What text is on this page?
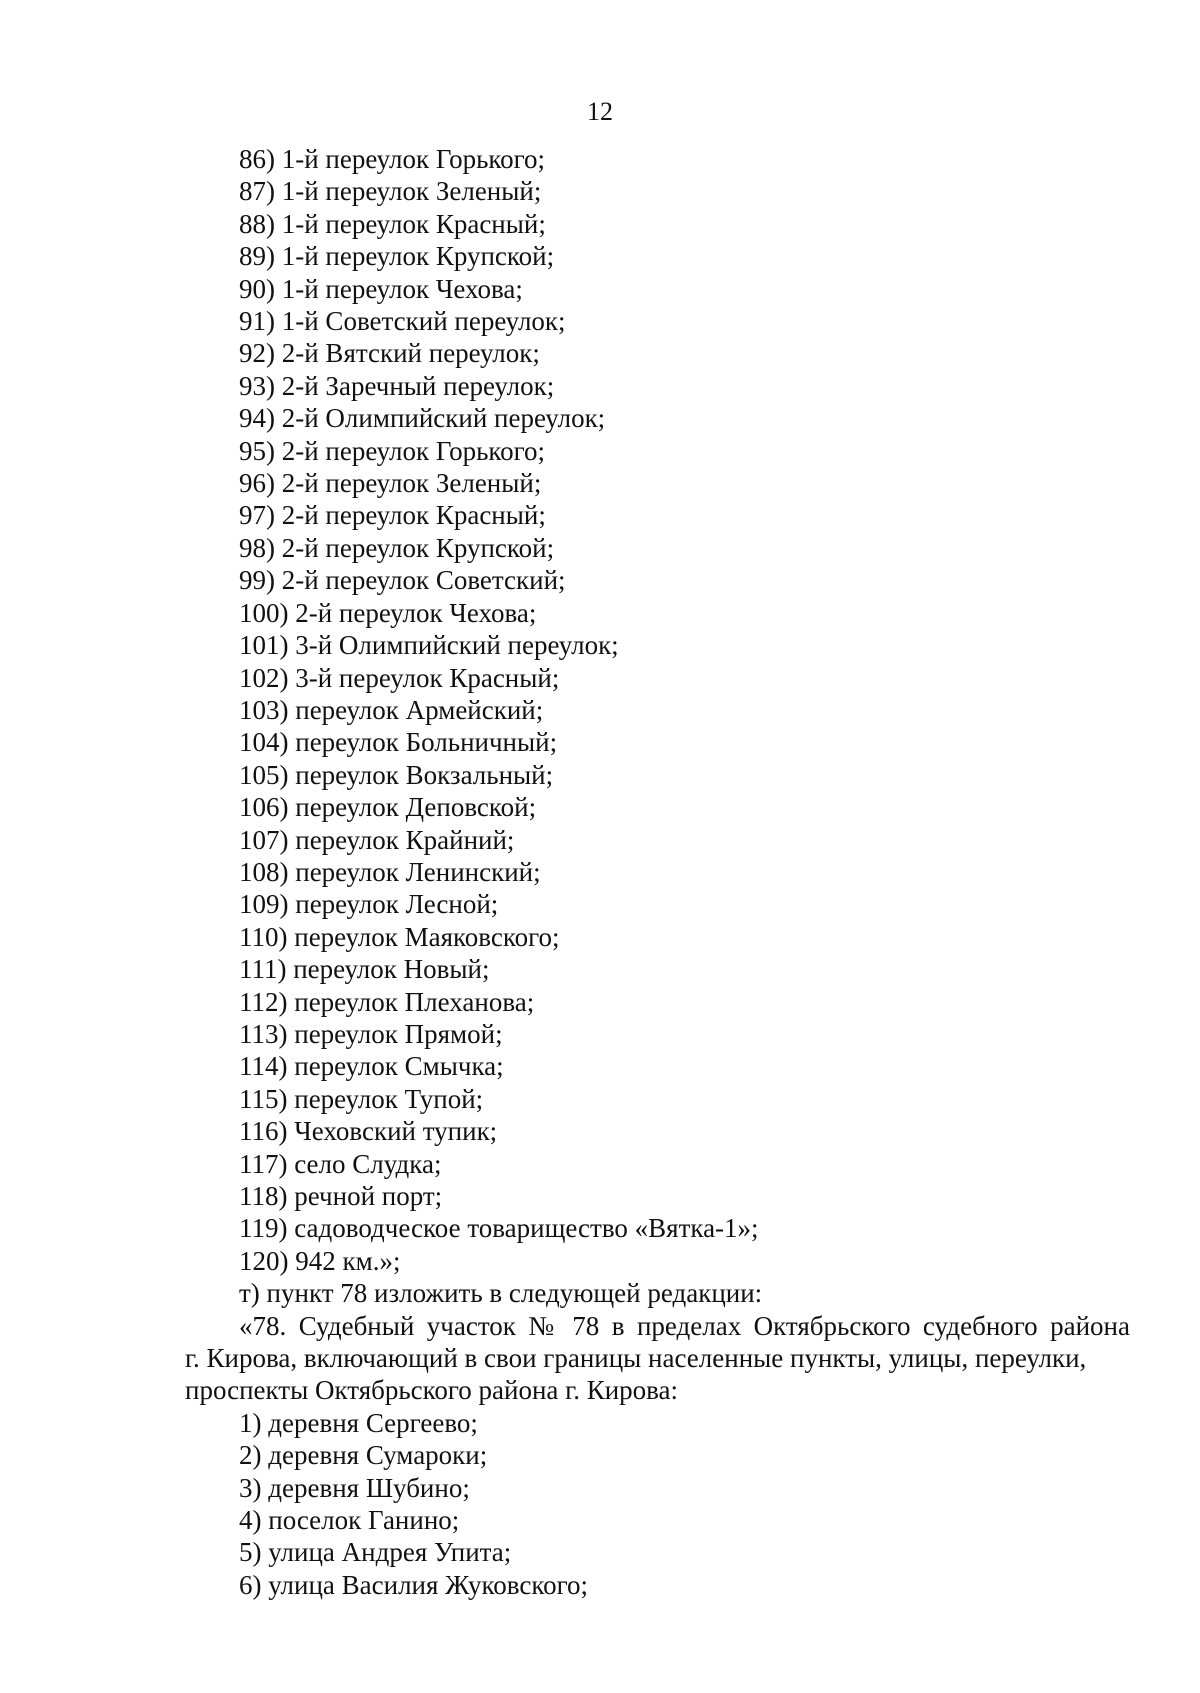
12
86) 1-й переулок Горького;
87) 1-й переулок Зеленый;
88) 1-й переулок Красный;
89) 1-й переулок Крупской;
90) 1-й переулок Чехова;
91) 1-й Советский переулок;
92) 2-й Вятский переулок;
93) 2-й Заречный переулок;
94) 2-й Олимпийский переулок;
95) 2-й переулок Горького;
96) 2-й переулок Зеленый;
97) 2-й переулок Красный;
98) 2-й переулок Крупской;
99) 2-й переулок Советский;
100) 2-й переулок Чехова;
101) 3-й Олимпийский переулок;
102) 3-й переулок Красный;
103) переулок Армейский;
104) переулок Больничный;
105) переулок Вокзальный;
106) переулок Деповской;
107) переулок Крайний;
108) переулок Ленинский;
109) переулок Лесной;
110) переулок Маяковского;
111) переулок Новый;
112) переулок Плеханова;
113) переулок Прямой;
114) переулок Смычка;
115) переулок Тупой;
116) Чеховский тупик;
117) село Слудка;
118) речной порт;
119) садоводческое товарищество «Вятка-1»;
120) 942 км.»;
т) пункт 78 изложить в следующей редакции:
«78. Судебный участок № 78 в пределах Октябрьского судебного района
г. Кирова, включающий в свои границы населенные пункты, улицы, переулки, проспекты Октябрьского района г. Кирова:
1) деревня Сергеево;
2) деревня Сумароки;
3) деревня Шубино;
4) поселок Ганино;
5) улица Андрея Упита;
6) улица Василия Жуковского;
